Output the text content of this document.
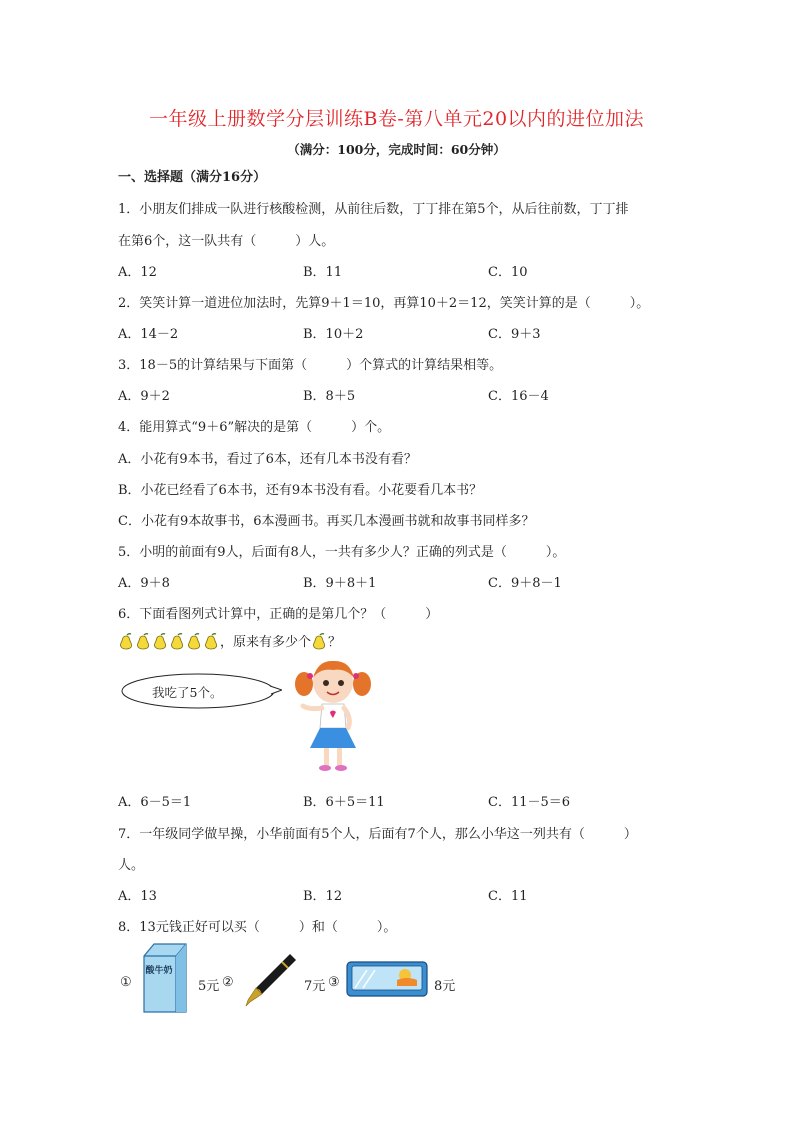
一年级上册数学分层训练B卷-第八单元20以内的进位加法
（满分：100分，完成时间：60分钟）
一、选择题（满分16分）
1．小朋友们排成一队进行核酸检测，从前往后数，丁丁排在第5个，从后往前数，丁丁排
在第6个，这一队共有（　　　）人。
A．12	B．11	C．10
2．笑笑计算一道进位加法时，先算9＋1＝10，再算10＋2＝12，笑笑计算的是（　　　）。
A．14－2	B．10＋2	C．9＋3
3．18－5的计算结果与下面第（　　　）个算式的计算结果相等。
A．9＋2	B．8＋5	C．16－4
4．能用算式“9＋6”解决的是第（　　　）个。
A．小花有9本书，看过了6本，还有几本书没有看？
B．小花已经看了6本书，还有9本书没有看。小花要看几本书？
C．小花有9本故事书，6本漫画书。再买几本漫画书就和故事书同样多？
5．小明的前面有9人，后面有8人，一共有多少人？正确的列式是（　　　）。
A．9＋8	B．9＋8＋1	C．9＋8－1
6．下面看图列式计算中，正确的是第几个？（　　　）
，原来有多少个 ？
我吃了5个。
A．6－5＝1	B．6＋5＝11	C．11－5＝6
7．一年级同学做早操，小华前面有5个人，后面有7个人，那么小华这一列共有（　　　）
人。
A．13	B．12	C．11
8．13元钱正好可以买（　　　）和（　　　）。
①
酸牛奶
5元 ②	7元 ③	8元
